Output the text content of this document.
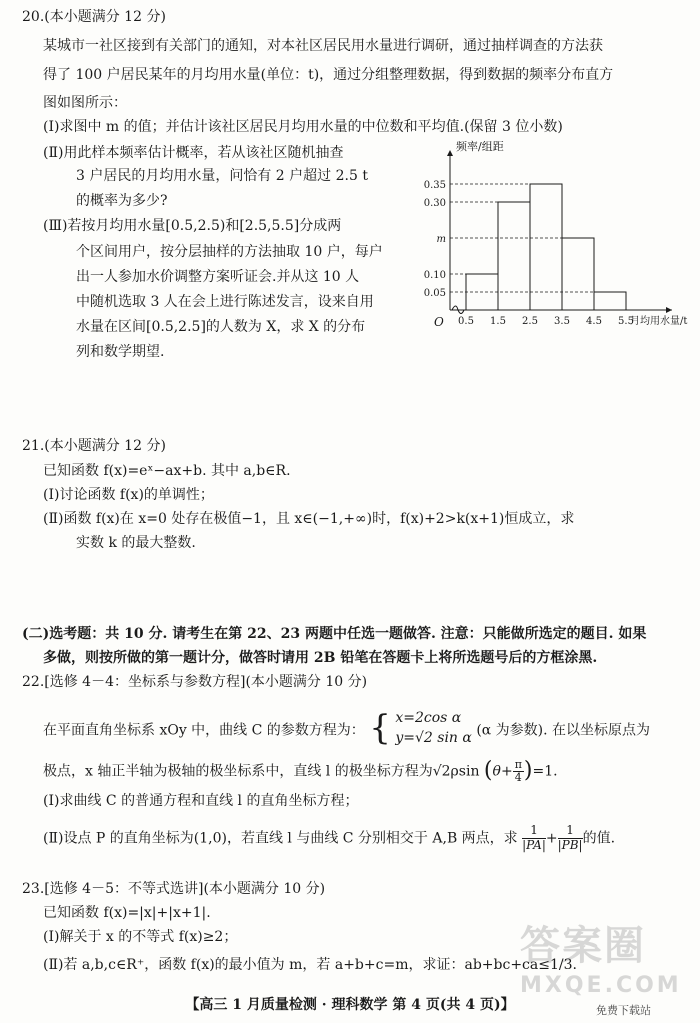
20.(本小题满分 12 分)
某城市一社区接到有关部门的通知，对本社区居民用水量进行调研，通过抽样调查的方法获
得了 100 户居民某年的月均用水量(单位：t)，通过分组整理数据，得到数据的频率分布直方
图如图所示：
(Ⅰ)求图中 m 的值；并估计该社区居民月均用水量的中位数和平均值.(保留 3 位小数)
(Ⅱ)用此样本频率估计概率，若从该社区随机抽查
3 户居民的月均用水量，问恰有 2 户超过 2.5 t
的概率为多少?
(Ⅲ)若按月均用水量[0.5,2.5)和[2.5,5.5]分成两
个区间用户，按分层抽样的方法抽取 10 户，每户
出一人参加水价调整方案听证会.并从这 10 人
中随机选取 3 人在会上进行陈述发言，设来自用
水量在区间[0.5,2.5]的人数为 X，求 X 的分布
列和数学期望.
频率/组距
月均用水量/t
O
0.05
0.10
m
0.30
0.35
0.5 1.5 2.5 3.5 4.5 5.5
21.(本小题满分 12 分)
已知函数 f(x)=eˣ−ax+b. 其中 a,b∈R.
(Ⅰ)讨论函数 f(x)的单调性；
(Ⅱ)函数 f(x)在 x=0 处存在极值−1，且 x∈(−1,+∞)时，f(x)+2>k(x+1)恒成立，求
实数 k 的最大整数.
(二)选考题：共 10 分. 请考生在第 22、23 两题中任选一题做答. 注意：只能做所选定的题目. 如果
多做，则按所做的第一题计分，做答时请用 2B 铅笔在答题卡上将所选题号后的方框涂黑.
22.[选修 4－4：坐标系与参数方程](本小题满分 10 分)
在平面直角坐标系 xOy 中，曲线 C 的参数方程为： { x=2cos α
y=√2 sin α (α 为参数). 在以坐标原点为
极点，x 轴正半轴为极轴的极坐标系中，直线 l 的极坐标方程为√2ρsin $(\theta+ \frac{\pi}{4} )=1$.
(Ⅰ)求曲线 C 的普通方程和直线 l 的直角坐标方程；
(Ⅱ)设点 P 的直角坐标为(1,0)，若直线 l 与曲线 C 分别相交于 A,B 两点，求 $\frac{1}{|PA|} + \frac{1}{|PB|}$ 的值.
23.[选修 4－5：不等式选讲](本小题满分 10 分)
已知函数 f(x)=|x|+|x+1|.
(Ⅰ)解关于 x 的不等式 f(x)≥2；
(Ⅱ)若 a,b,c∈R⁺，函数 f(x)的最小值为 m，若 a+b+c=m，求证：ab+bc+ca≤1/3.
答案圈
MXQE.COM
免费下载站
【高三 1 月质量检测 · 理科数学 第 4 页(共 4 页)】
